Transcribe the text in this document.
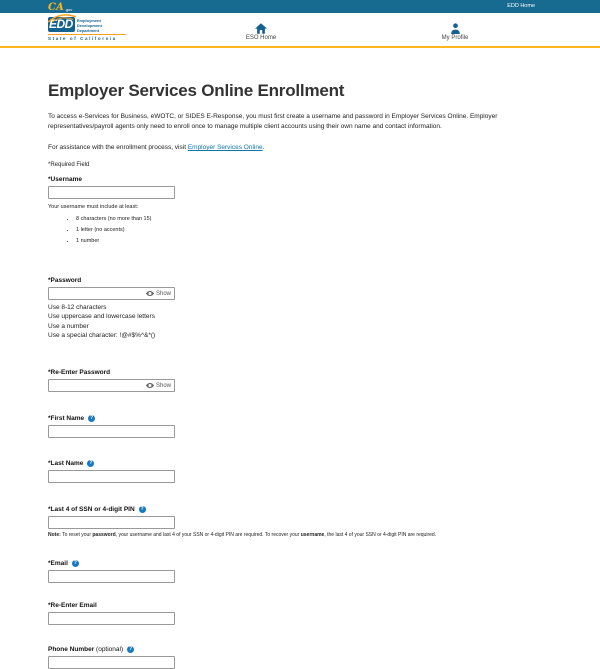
CA .gov
EDD Home
EDD	Employment
Development
Department
State of California	ESO Home	My Profile
Employer Services Online Enrollment

To access e-Services for Business, eWOTC, or SIDES E-Response, you must first create a username and password in Employer Services Online. Employer representatives/payroll agents only need to enroll once to manage multiple client accounts using their own name and contact information.

For assistance with the enrollment process, visit Employer Services Online.

*Required Field

*Username
Your username must include at least:
• 8 characters (no more than 15)
• 1 letter (no accents)
• 1 number
*Password
Show
Use 8-12 characters
Use uppercase and lowercase letters
Use a number
Use a special character: !@#$%^&*()
*Re-Enter Password
Show
*First Name	?
*Last Name	?
*Last 4 of SSN or 4-digit PIN	?
Note: To reset your password, your username and last 4 of your SSN or 4-digit PIN are required. To recover your username, the last 4 of your SSN or 4-digit PIN are required.
*Email	?
*Re-Enter Email
Phone Number (optional)	?
